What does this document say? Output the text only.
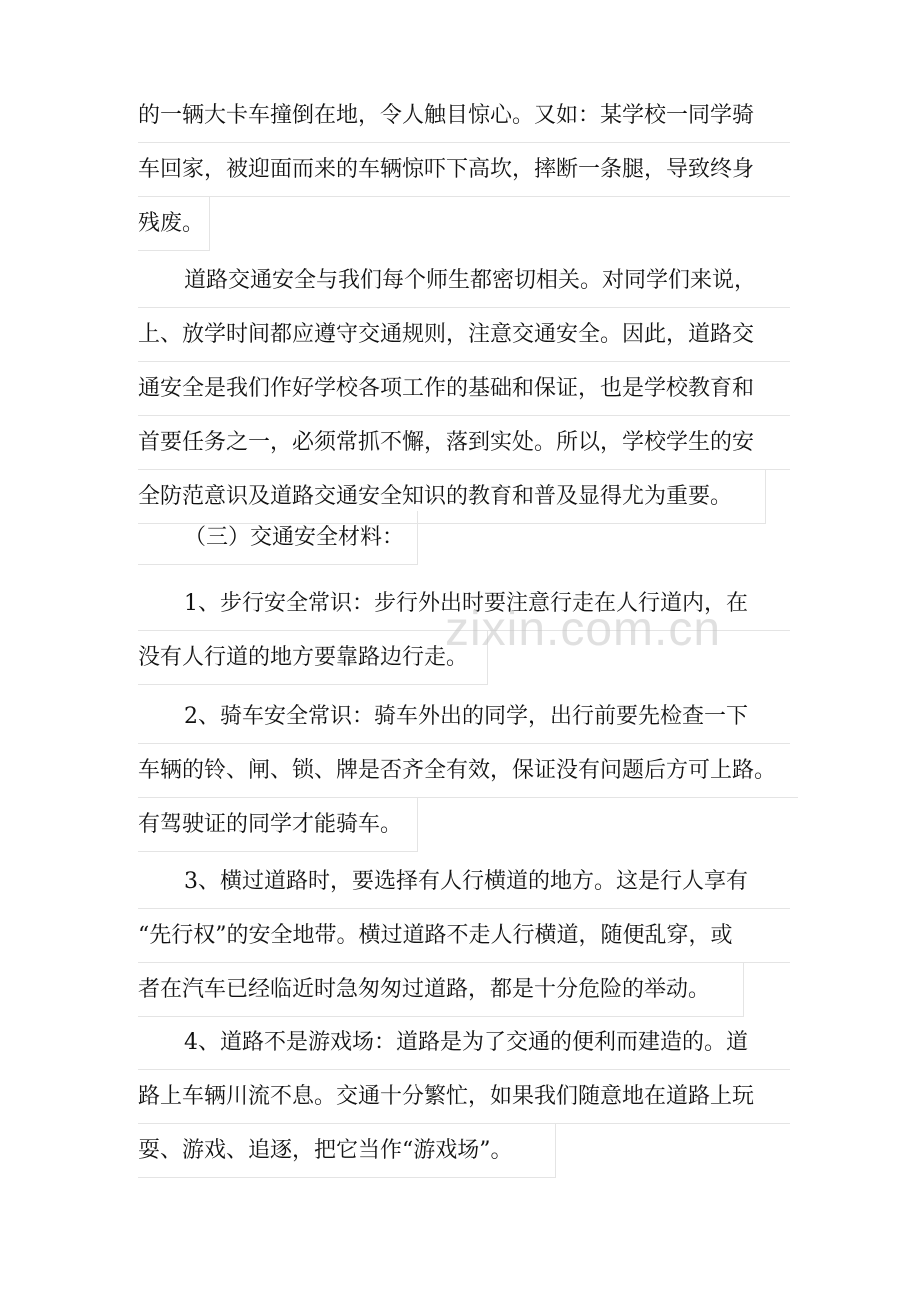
的一辆大卡车撞倒在地，令人触目惊心。又如：某学校一同学骑
车回家，被迎面而来的车辆惊吓下高坎，摔断一条腿，导致终身
残废。
道路交通安全与我们每个师生都密切相关。对同学们来说，
上、放学时间都应遵守交通规则，注意交通安全。因此，道路交
通安全是我们作好学校各项工作的基础和保证，也是学校教育和
首要任务之一，必须常抓不懈，落到实处。所以，学校学生的安
全防范意识及道路交通安全知识的教育和普及显得尤为重要。
（三）交通安全材料：
1、步行安全常识：步行外出时要注意行走在人行道内，在
没有人行道的地方要靠路边行走。
2、骑车安全常识：骑车外出的同学，出行前要先检查一下
车辆的铃、闸、锁、牌是否齐全有效，保证没有问题后方可上路。
有驾驶证的同学才能骑车。
3、横过道路时，要选择有人行横道的地方。这是行人享有
“先行权”的安全地带。横过道路不走人行横道，随便乱穿，或
者在汽车已经临近时急匆匆过道路，都是十分危险的举动。
4、道路不是游戏场：道路是为了交通的便利而建造的。道
路上车辆川流不息。交通十分繁忙，如果我们随意地在道路上玩
耍、游戏、追逐，把它当作“游戏场”。
zixin.com.cn
